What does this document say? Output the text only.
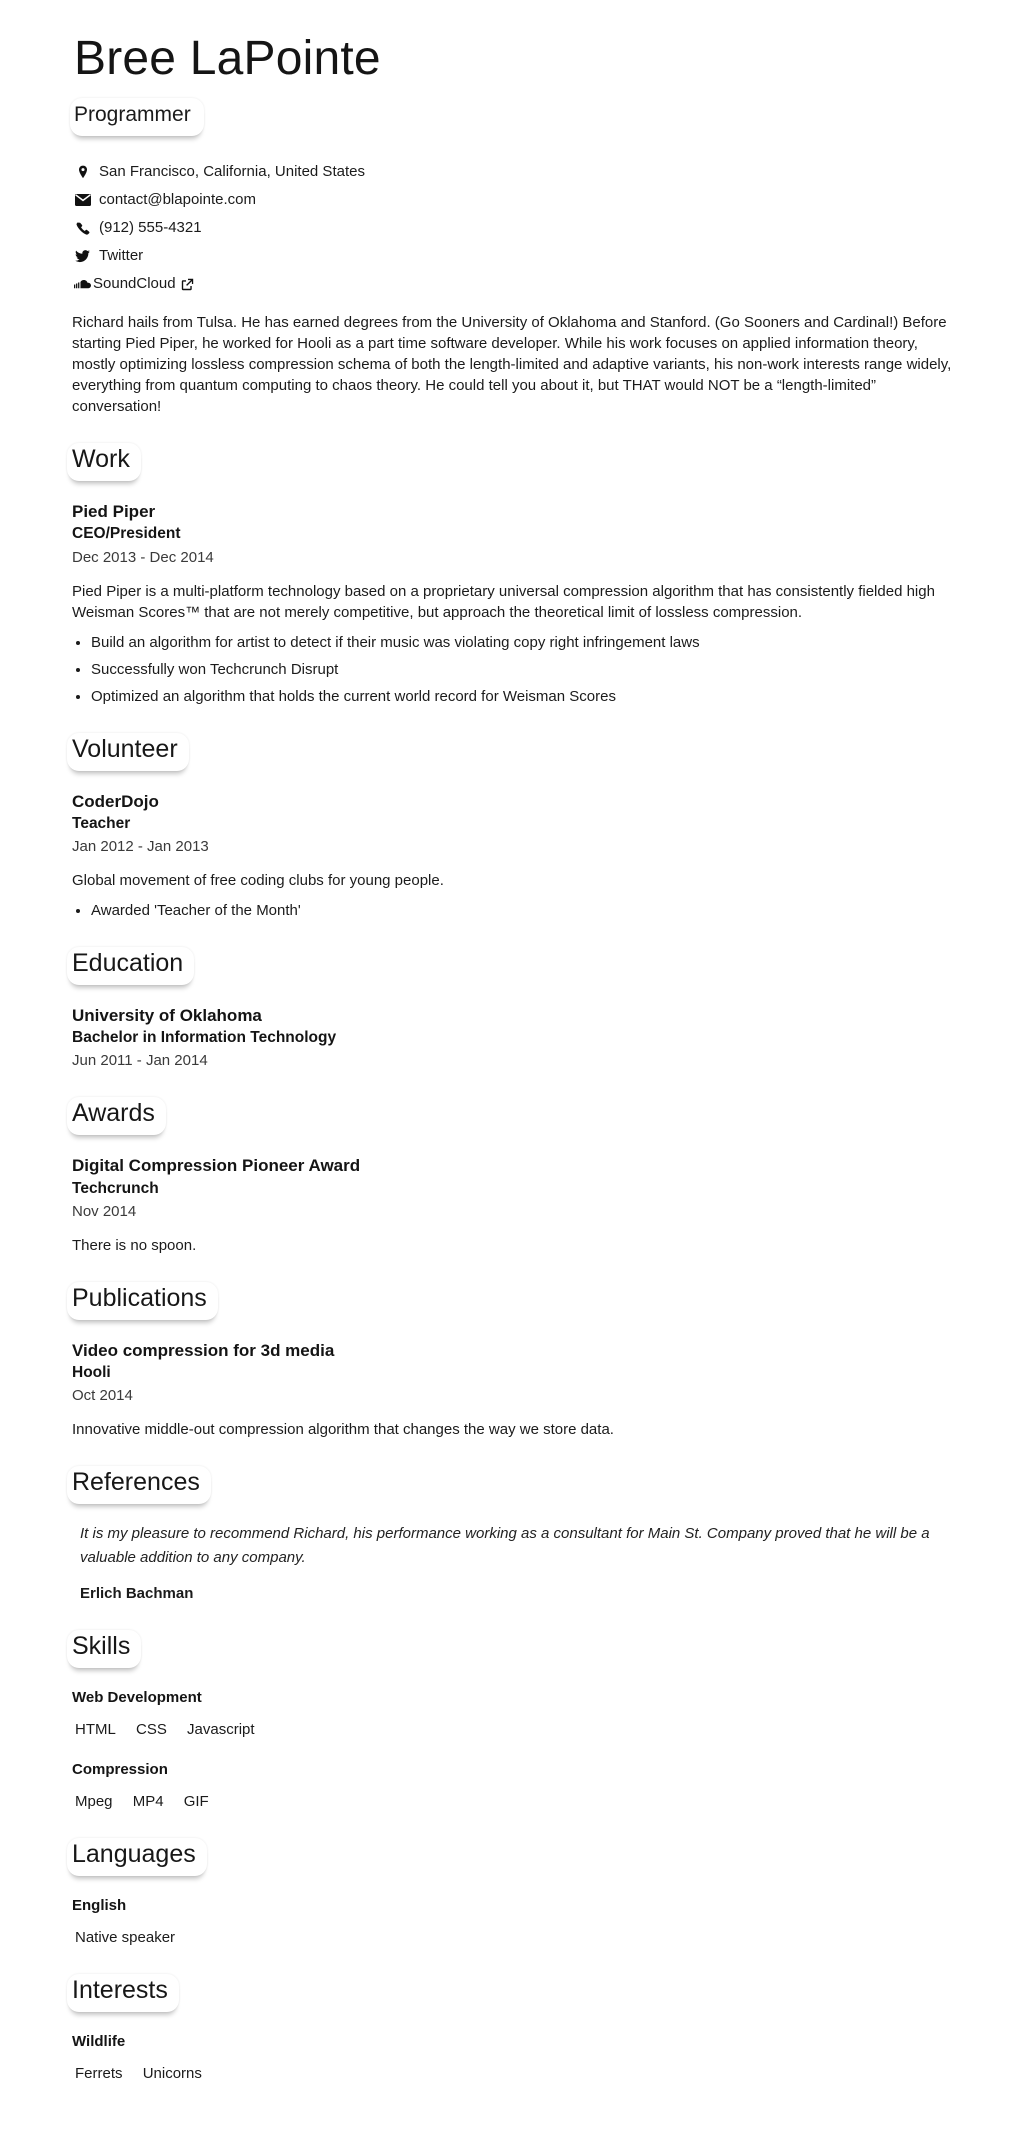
Bree LaPointe
Programmer
San Francisco, California, United States
contact@blapointe.com
(912) 555-4321
Twitter
SoundCloud

Richard hails from Tulsa. He has earned degrees from the University of Oklahoma and Stanford. (Go Sooners and Cardinal!) Before starting Pied Piper, he worked for Hooli as a part time software developer. While his work focuses on applied information theory, mostly optimizing lossless compression schema of both the length-limited and adaptive variants, his non-work interests range widely, everything from quantum computing to chaos theory. He could tell you about it, but THAT would NOT be a “length-limited” conversation!

Work
Pied Piper
CEO/President
Dec 2013 - Dec 2014

Pied Piper is a multi-platform technology based on a proprietary universal compression algorithm that has consistently fielded high Weisman Scores™ that are not merely competitive, but approach the theoretical limit of lossless compression.

• Build an algorithm for artist to detect if their music was violating copy right infringement laws
• Successfully won Techcrunch Disrupt
• Optimized an algorithm that holds the current world record for Weisman Scores
Volunteer
CoderDojo
Teacher
Jan 2012 - Jan 2013

Global movement of free coding clubs for young people.

• Awarded 'Teacher of the Month'
Education
University of Oklahoma
Bachelor in Information Technology
Jun 2011 - Jan 2014
Awards
Digital Compression Pioneer Award
Techcrunch
Nov 2014

There is no spoon.

Publications
Video compression for 3d media
Hooli
Oct 2014

Innovative middle-out compression algorithm that changes the way we store data.

References
It is my pleasure to recommend Richard, his performance working as a consultant for Main St. Company proved that he will be a valuable addition to any company.
Erlich Bachman
Skills
Web Development
HTML CSS Javascript
Compression
Mpeg MP4 GIF
Languages
English
Native speaker
Interests
Wildlife
Ferrets Unicorns
